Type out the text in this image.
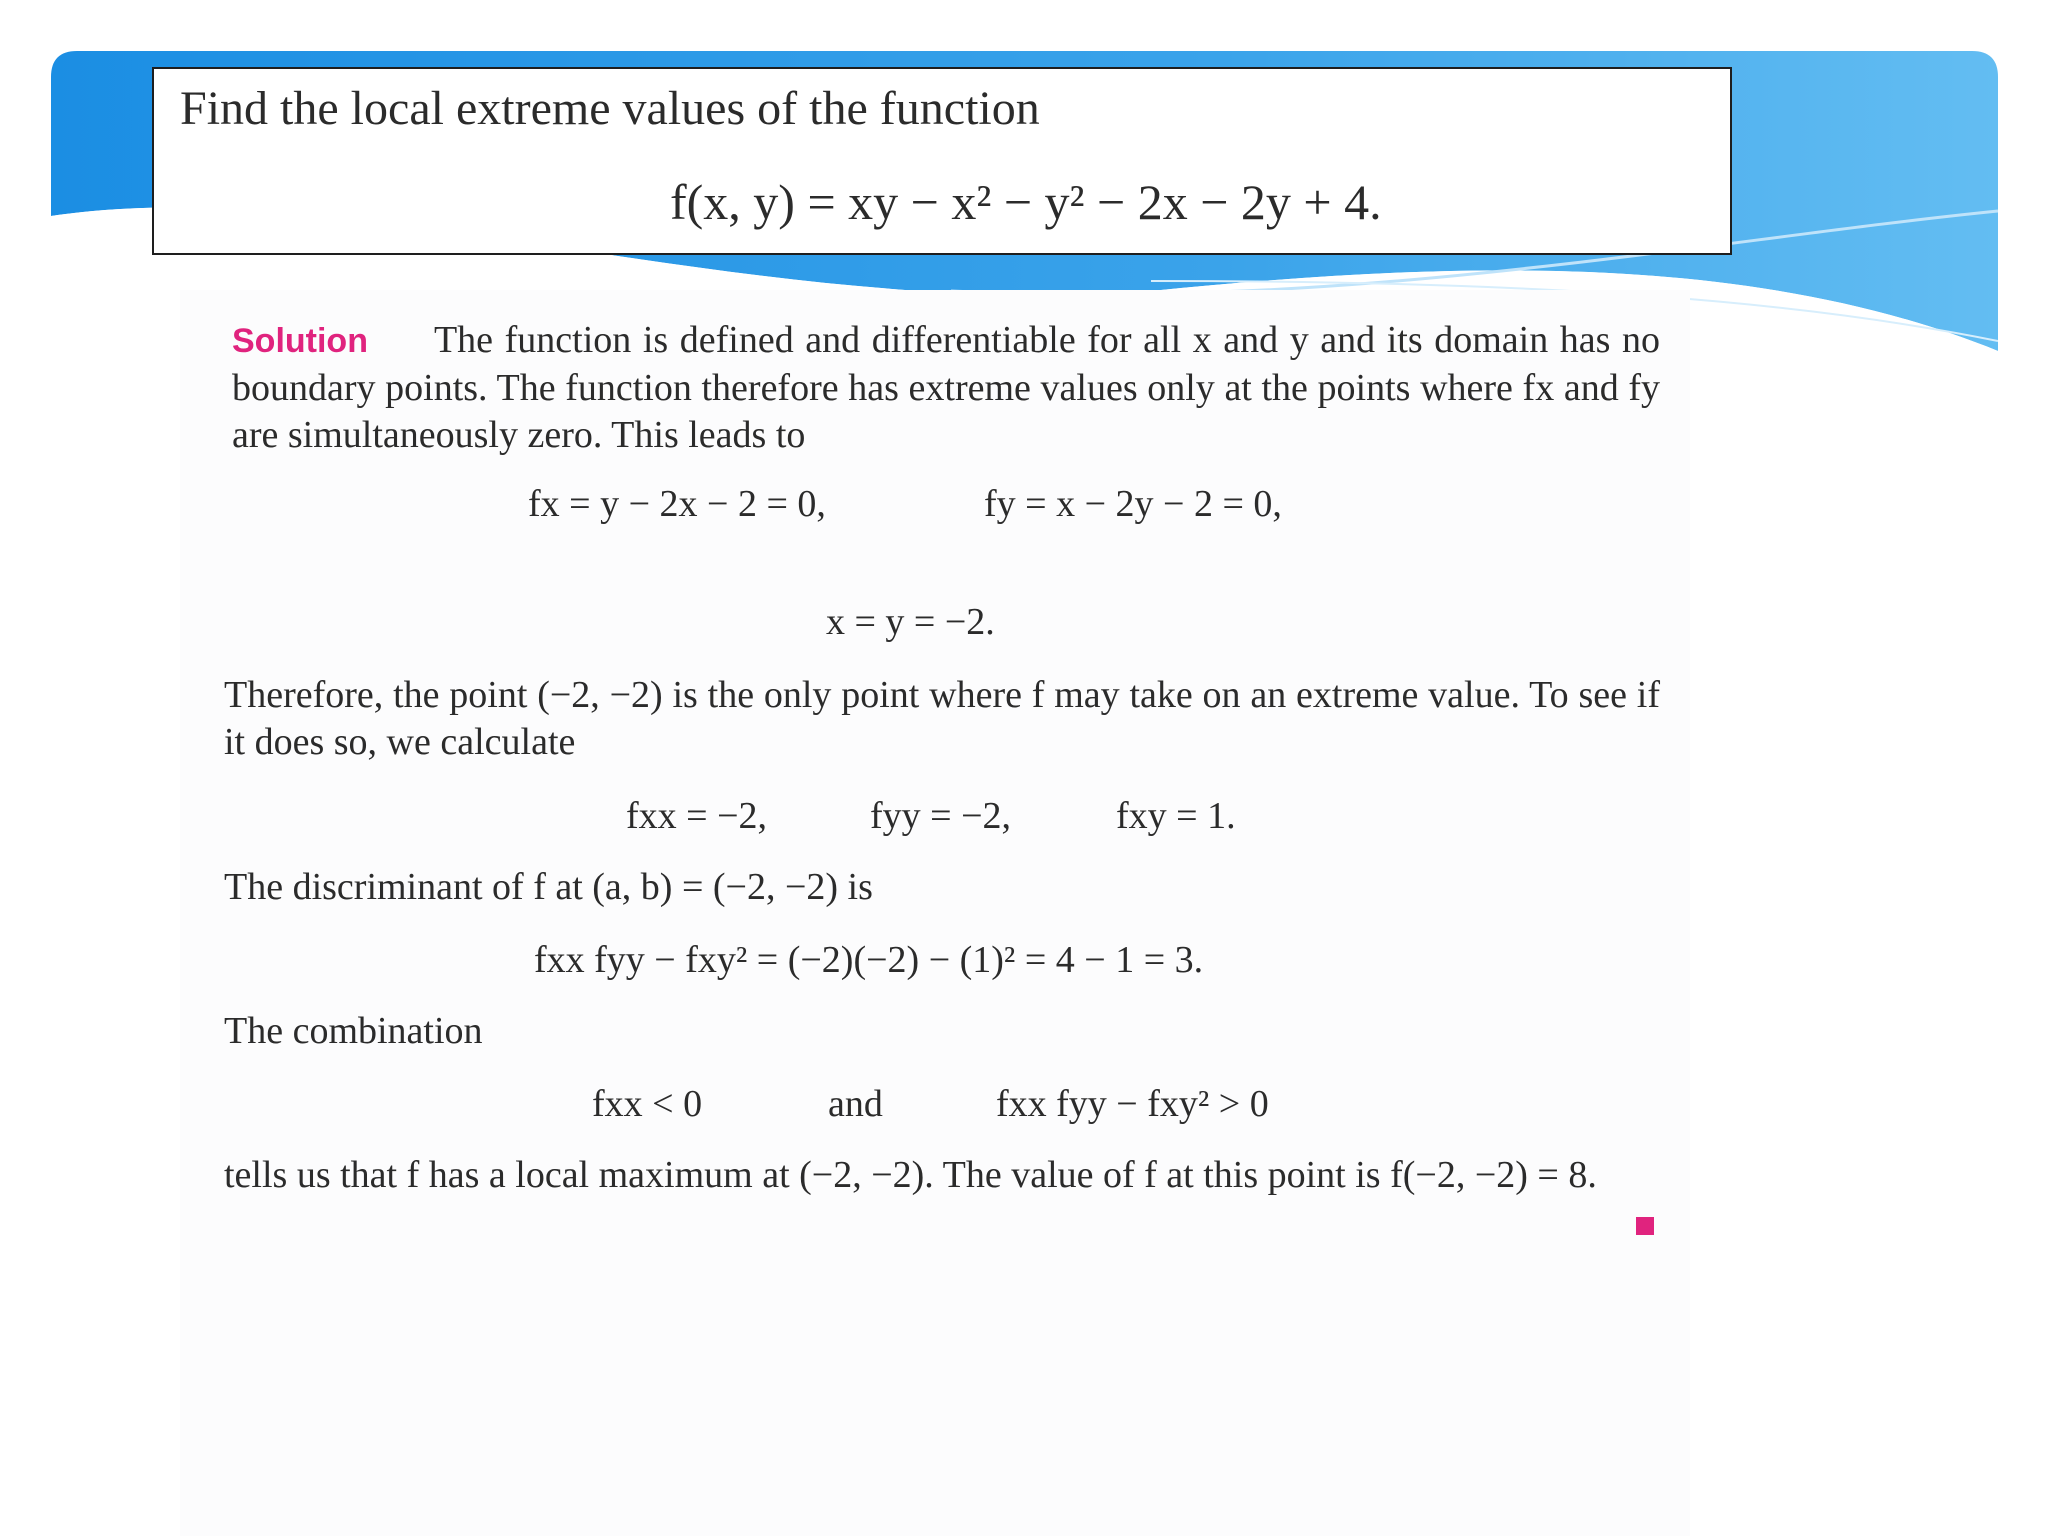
Find the local extreme values of the function
f(x, y) = xy − x² − y² − 2x − 2y + 4.
Solution The function is defined and differentiable for all x and y and its domain has no boundary points. The function therefore has extreme values only at the points where fx and fy are simultaneously zero. This leads to
fx = y − 2x − 2 = 0,	fy = x − 2y − 2 = 0,	or
x = y = −2.
Therefore, the point (−2, −2) is the only point where f may take on an extreme value. To see if it does so, we calculate
fxx = −2,	fyy = −2,	fxy = 1.
The discriminant of f at (a, b) = (−2, −2) is
fxx fyy − fxy² = (−2)(−2) − (1)² = 4 − 1 = 3.
The combination
fxx < 0	and	fxx fyy − fxy² > 0
tells us that f has a local maximum at (−2, −2). The value of f at this point is f(−2, −2) = 8.
